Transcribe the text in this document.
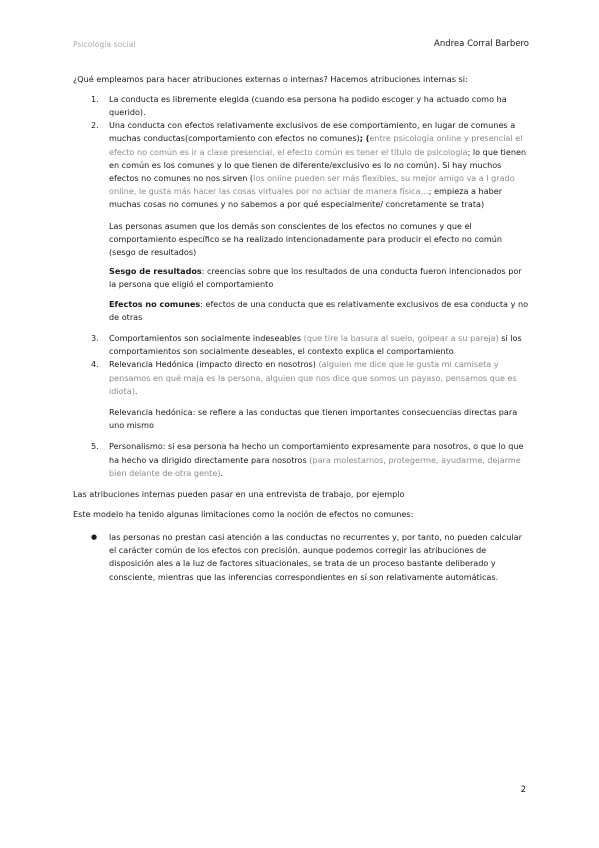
Psicología social	Andrea Corral Barbero

¿Qué empleamos para hacer atribuciones externas o internas? Hacemos atribuciones internas si:

1. La conducta es libremente elegida (cuando esa persona ha podido escoger y ha actuado como ha querido).
2. Una conducta con efectos relativamente exclusivos de ese comportamiento, en lugar de comunes a muchas conductas(comportamiento con efectos no comunes); (entre psicología online y presencial el efecto no común es ir a clase presencial, el efecto común es tener el título de psicología; lo que tienen en común es los comunes y lo que tienen de diferente/exclusivo es lo no común). Si hay muchos efectos no comunes no nos sirven (los online pueden ser más flexibles, su mejor amigo va a l grado online, le gusta más hacer las cosas virtuales por no actuar de manera física…; empieza a haber muchas cosas no comunes y no sabemos a por qué especialmente/ concretamente se trata)

Las personas asumen que los demás son conscientes de los efectos no comunes y que el comportamiento específico se ha realizado intencionadamente para producir el efecto no común (sesgo de resultados)

Sesgo de resultados: creencias sobre que los resultados de una conducta fueron intencionados por la persona que eligió el comportamiento

Efectos no comunes: efectos de una conducta que es relativamente exclusivos de esa conducta y no de otras

3. Comportamientos son socialmente indeseables (que tire la basura al suelo, golpear a su pareja) si los comportamientos son socialmente deseables, el contexto explica el comportamiento
4. Relevancia Hedónica (impacto directo en nosotros) (alguien me dice que le gusta mi camiseta y pensamos en qué maja es la persona, alguien que nos dice que somos un payaso, pensamos que es idiota).

Relevancia hedónica: se refiere a las conductas que tienen importantes consecuencias directas para uno mismo

5. Personalismo: si esa persona ha hecho un comportamiento expresamente para nosotros, o que lo que ha hecho va dirigido directamente para nosotros (para molestarnos, protegerme, ayudarme, dejarme bien delante de otra gente).

Las atribuciones internas pueden pasar en una entrevista de trabajo, por ejemplo

Este modelo ha tenido algunas limitaciones como la noción de efectos no comunes:

● las personas no prestan casi atención a las conductas no recurrentes y, por tanto, no pueden calcular el carácter común de los efectos con precisión. aunque podemos corregir las atribuciones de disposición ales a la luz de factores situacionales, se trata de un proceso bastante deliberado y consciente, mientras que las inferencias correspondientes en sí son relativamente automáticas.
2
